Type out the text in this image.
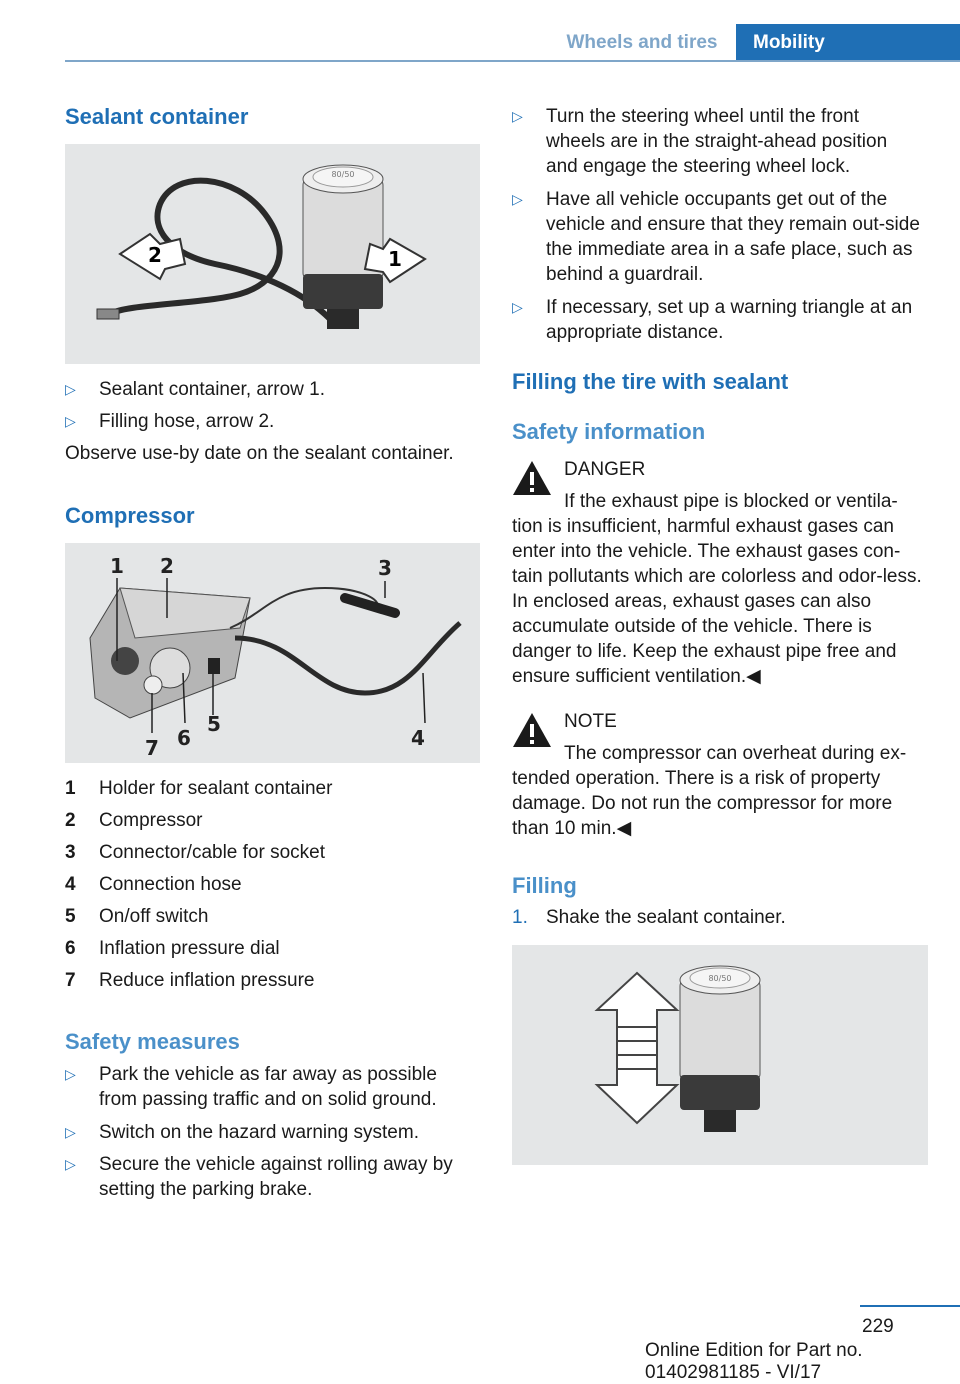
Wheels and tires	Mobility
Sealant container
80/50
2	1
▷ Sealant container, arrow 1.
▷ Filling hose, arrow 2.
Observe use-by date on the sealant container.
Compressor
1 2	3
4
5
6
7
1 Holder for sealant container
2 Compressor
3 Connector/cable for socket
4 Connection hose
5 On/off switch
6 Inflation pressure dial
7 Reduce inflation pressure
Safety measures
▷ Park the vehicle as far away as possible from passing traffic and on solid ground.
▷ Switch on the hazard warning system.
▷ Secure the vehicle against rolling away by setting the parking brake.
▷ Turn the steering wheel until the front wheels are in the straight-ahead position and engage the steering wheel lock.
▷ Have all vehicle occupants get out of the vehicle and ensure that they remain out-side the immediate area in a safe place, such as behind a guardrail.
▷ If necessary, set up a warning triangle at an appropriate distance.
Filling the tire with sealant
Safety information
DANGER
If the exhaust pipe is blocked or ventila-
tion is insufficient, harmful exhaust gases can enter into the vehicle. The exhaust gases con-tain pollutants which are colorless and odor-less. In enclosed areas, exhaust gases can also accumulate outside of the vehicle. There is danger to life. Keep the exhaust pipe free and ensure sufficient ventilation.◀
NOTE
The compressor can overheat during ex-
tended operation. There is a risk of property damage. Do not run the compressor for more than 10 min.◀
Filling
1. Shake the sealant container.
80/50
229
Online Edition for Part no. 01402981185 - VI/17
